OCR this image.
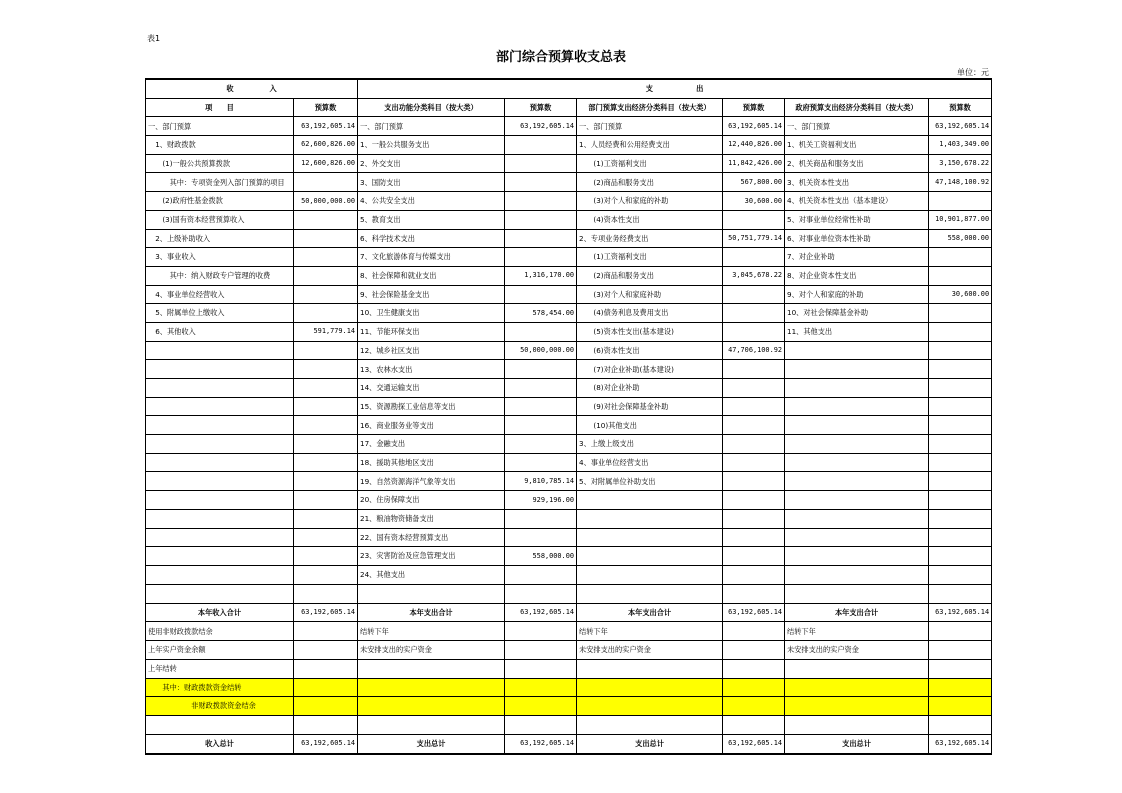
表1
部门综合预算收支总表
单位：元
收　　　　　入		支　　　　　　出					
项　　目	预算数	支出功能分类科目（按大类）	预算数	部门预算支出经济分类科目（按大类）	预算数	政府预算支出经济分类科目（按大类）	预算数
一、部门预算	63,192,605.14	一、部门预算	63,192,605.14	一、部门预算	63,192,605.14	一、部门预算	63,192,605.14
　1、财政拨款	62,600,826.00	1、一般公共服务支出		1、人员经费和公用经费支出	12,440,826.00	1、机关工资福利支出	1,403,349.00
　　(1)一般公共预算拨款	12,600,826.00	2、外交支出		　　(1)工资福利支出	11,842,426.00	2、机关商品和服务支出	3,150,678.22
　　　其中：专项资金列入部门预算的项目		3、国防支出		　　(2)商品和服务支出	567,800.00	3、机关资本性支出	47,148,100.92
　　(2)政府性基金拨款	50,000,000.00	4、公共安全支出		　　(3)对个人和家庭的补助	30,600.00	4、机关资本性支出（基本建设）	
　　(3)国有资本经营预算收入		5、教育支出		　　(4)资本性支出		5、对事业单位经常性补助	10,901,877.00
　2、上级补助收入		6、科学技术支出		2、专项业务经费支出	50,751,779.14	6、对事业单位资本性补助	558,000.00
　3、事业收入		7、文化旅游体育与传媒支出		　　(1)工资福利支出		7、对企业补助	
　　　其中：纳入财政专户管理的收费		8、社会保障和就业支出	1,316,170.00	　　(2)商品和服务支出	3,045,678.22	8、对企业资本性支出	
　4、事业单位经营收入		9、社会保险基金支出		　　(3)对个人和家庭补助		9、对个人和家庭的补助	30,600.00
　5、附属单位上缴收入		10、卫生健康支出	578,454.00	　　(4)债务利息及费用支出		10、对社会保障基金补助	
　6、其他收入	591,779.14	11、节能环保支出		　　(5)资本性支出(基本建设)		11、其他支出	
		12、城乡社区支出	50,000,000.00	　　(6)资本性支出	47,706,100.92		
		13、农林水支出		　　(7)对企业补助(基本建设)			
		14、交通运输支出		　　(8)对企业补助			
		15、资源勘探工业信息等支出		　　(9)对社会保障基金补助			
		16、商业服务业等支出		　　(10)其他支出			
		17、金融支出		3、上缴上级支出			
		18、援助其他地区支出		4、事业单位经营支出			
		19、自然资源海洋气象等支出	9,810,785.14	5、对附属单位补助支出			
		20、住房保障支出	929,196.00				
		21、粮油物资储备支出					
		22、国有资本经营预算支出					
		23、灾害防治及应急管理支出	558,000.00				
		24、其他支出					

本年收入合计	63,192,605.14	本年支出合计	63,192,605.14	本年支出合计	63,192,605.14	本年支出合计	63,192,605.14
使用非财政拨款结余		结转下年		结转下年		结转下年	
上年实户资金余额		未安排支出的实户资金		未安排支出的实户资金		未安排支出的实户资金	
上年结转							
　　其中：财政拨款资金结转							
　　　　　　非财政拨款资金结余							

收入总计	63,192,605.14	支出总计	63,192,605.14	支出总计	63,192,605.14	支出总计	63,192,605.14
